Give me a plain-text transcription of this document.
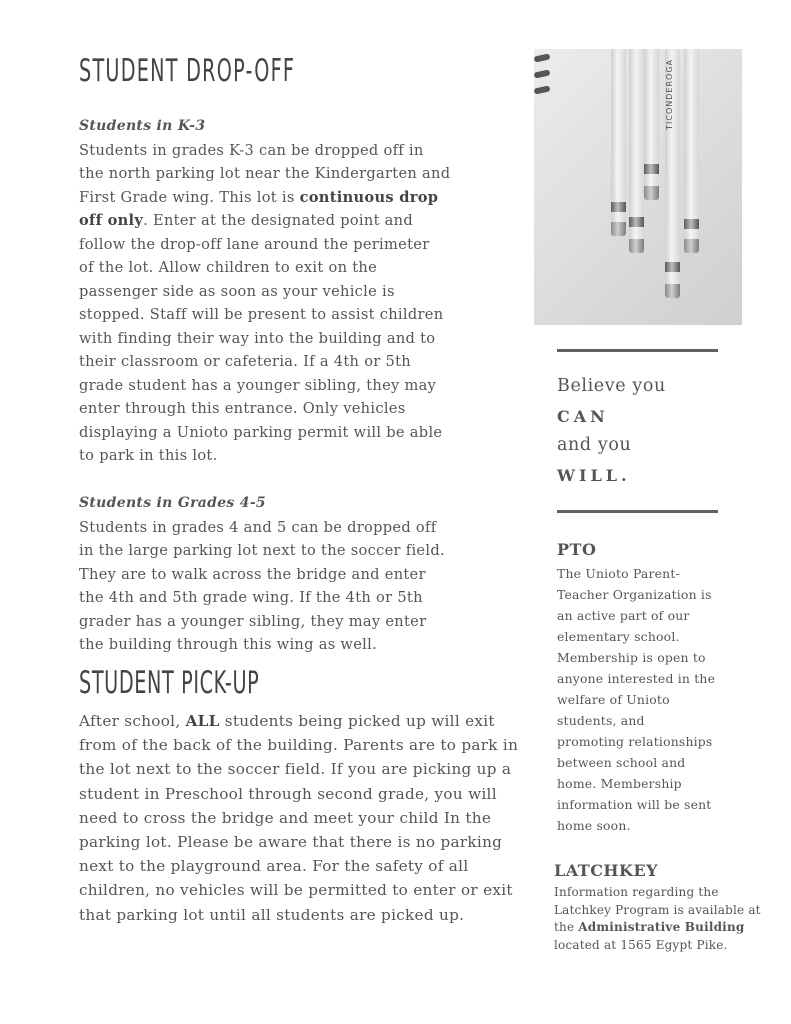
STUDENT DROP-OFF
Students in K-3
Students in grades K-3 can be dropped off in
the north parking lot near the Kindergarten and
First Grade wing. This lot is continuous drop
off only. Enter at the designated point and
follow the drop-off lane around the perimeter
of the lot. Allow children to exit on the
passenger side as soon as your vehicle is
stopped. Staff will be present to assist children
with finding their way into the building and to
their classroom or cafeteria. If a 4th or 5th
grade student has a younger sibling, they may
enter through this entrance. Only vehicles
displaying a Unioto parking permit will be able
to park in this lot.
Students in Grades 4-5
Students in grades 4 and 5 can be dropped off
in the large parking lot next to the soccer field.
They are to walk across the bridge and enter
the 4th and 5th grade wing. If the 4th or 5th
grader has a younger sibling, they may enter
the building through this wing as well.
STUDENT PICK-UP
After school, ALL students being picked up will exit
from of the back of the building. Parents are to park in
the lot next to the soccer field. If you are picking up a
student in Preschool through second grade, you will
need to cross the bridge and meet your child In the
parking lot. Please be aware that there is no parking
next to the playground area. For the safety of all
children, no vehicles will be permitted to enter or exit
that parking lot until all students are picked up.
TICONDEROGA

Believe you

CAN

and you

WILL.

PTO
The Unioto Parent-
Teacher Organization is
an active part of our
elementary school.
Membership is open to
anyone interested in the
welfare of Unioto
students, and
promoting relationships
between school and
home. Membership
information will be sent
home soon.
LATCHKEY
Information regarding the
Latchkey Program is available at
the Administrative Building
located at 1565 Egypt Pike.
